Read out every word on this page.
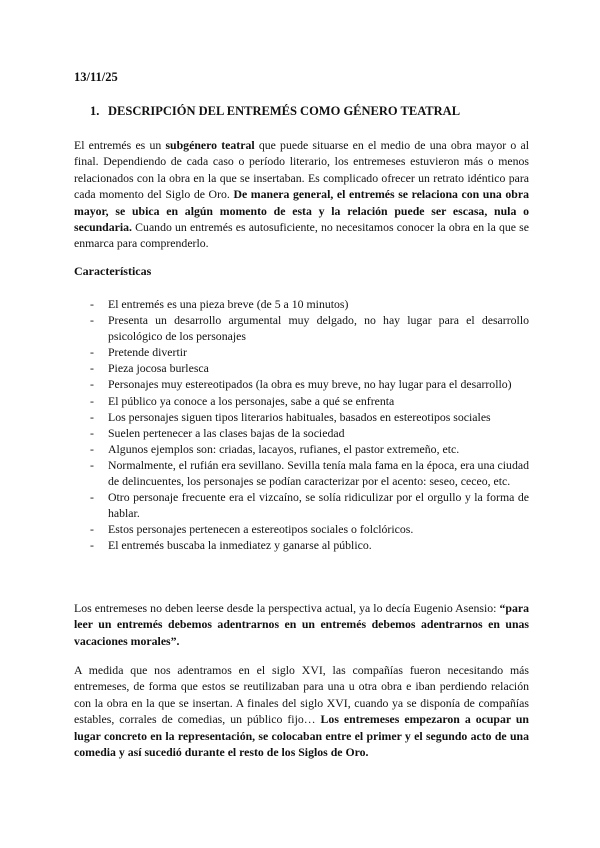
13/11/25
1. DESCRIPCIÓN DEL ENTREMÉS COMO GÉNERO TEATRAL

El entremés es un subgénero teatral que puede situarse en el medio de una obra mayor o al final. Dependiendo de cada caso o período literario, los entremeses estuvieron más o menos relacionados con la obra en la que se insertaban. Es complicado ofrecer un retrato idéntico para cada momento del Siglo de Oro. De manera general, el entremés se relaciona con una obra mayor, se ubica en algún momento de esta y la relación puede ser escasa, nula o secundaria. Cuando un entremés es autosuficiente, no necesitamos conocer la obra en la que se enmarca para comprenderlo.

Características
- El entremés es una pieza breve (de 5 a 10 minutos)
- Presenta un desarrollo argumental muy delgado, no hay lugar para el desarrollo psicológico de los personajes
- Pretende divertir
- Pieza jocosa burlesca
- Personajes muy estereotipados (la obra es muy breve, no hay lugar para el desarrollo)
- El público ya conoce a los personajes, sabe a qué se enfrenta
- Los personajes siguen tipos literarios habituales, basados en estereotipos sociales
- Suelen pertenecer a las clases bajas de la sociedad
- Algunos ejemplos son: criadas, lacayos, rufianes, el pastor extremeño, etc.
- Normalmente, el rufián era sevillano. Sevilla tenía mala fama en la época, era una ciudad de delincuentes, los personajes se podían caracterizar por el acento: seseo, ceceo, etc.
- Otro personaje frecuente era el vizcaíno, se solía ridiculizar por el orgullo y la forma de hablar.
- Estos personajes pertenecen a estereotipos sociales o folclóricos.
- El entremés buscaba la inmediatez y ganarse al público.

Los entremeses no deben leerse desde la perspectiva actual, ya lo decía Eugenio Asensio: “para leer un entremés debemos adentrarnos en un entremés debemos adentrarnos en unas vacaciones morales”.

A medida que nos adentramos en el siglo XVI, las compañías fueron necesitando más entremeses, de forma que estos se reutilizaban para una u otra obra e iban perdiendo relación con la obra en la que se insertan. A finales del siglo XVI, cuando ya se disponía de compañías estables, corrales de comedias, un público fijo… Los entremeses empezaron a ocupar un lugar concreto en la representación, se colocaban entre el primer y el segundo acto de una comedia y así sucedió durante el resto de los Siglos de Oro.
